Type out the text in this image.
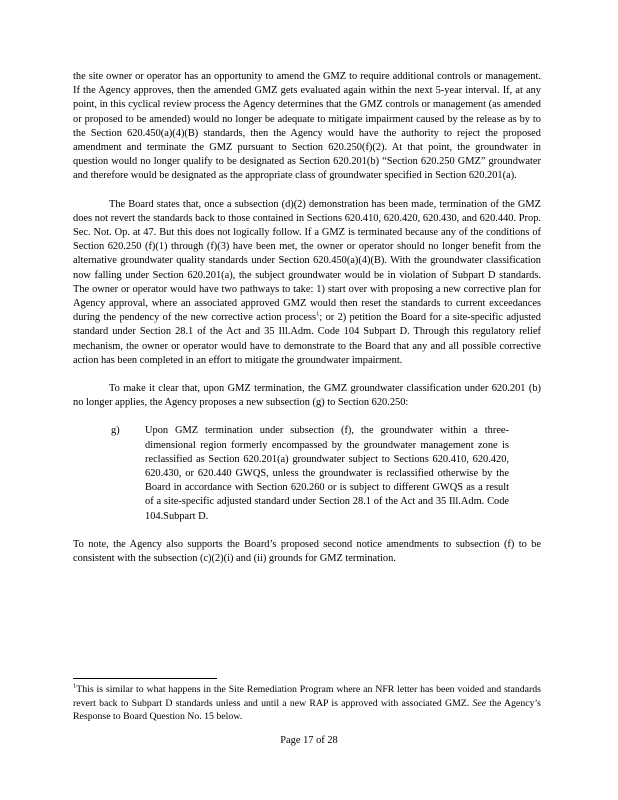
the site owner or operator has an opportunity to amend the GMZ to require additional controls or management. If the Agency approves, then the amended GMZ gets evaluated again within the next 5-year interval. If, at any point, in this cyclical review process the Agency determines that the GMZ controls or management (as amended or proposed to be amended) would no longer be adequate to mitigate impairment caused by the release as by to the Section 620.450(a)(4)(B) standards, then the Agency would have the authority to reject the proposed amendment and terminate the GMZ pursuant to Section 620.250(f)(2). At that point, the groundwater in question would no longer qualify to be designated as Section 620.201(b) “Section 620.250 GMZ” groundwater and therefore would be designated as the appropriate class of groundwater specified in Section 620.201(a).

The Board states that, once a subsection (d)(2) demonstration has been made, termination of the GMZ does not revert the standards back to those contained in Sections 620.410, 620.420, 620.430, and 620.440. Prop. Sec. Not. Op. at 47. But this does not logically follow. If a GMZ is terminated because any of the conditions of Section 620.250 (f)(1) through (f)(3) have been met, the owner or operator should no longer benefit from the alternative groundwater quality standards under Section 620.450(a)(4)(B). With the groundwater classification now falling under Section 620.201(a), the subject groundwater would be in violation of Subpart D standards. The owner or operator would have two pathways to take: 1) start over with proposing a new corrective plan for Agency approval, where an associated approved GMZ would then reset the standards to current exceedances during the pendency of the new corrective action process$^1$; or 2) petition the Board for a site-specific adjusted standard under Section 28.1 of the Act and 35 Ill.Adm. Code 104 Subpart D. Through this regulatory relief mechanism, the owner or operator would have to demonstrate to the Board that any and all possible corrective action has been completed in an effort to mitigate the groundwater impairment.

To make it clear that, upon GMZ termination, the GMZ groundwater classification under 620.201 (b) no longer applies, the Agency proposes a new subsection (g) to Section 620.250:

g)	Upon GMZ termination under subsection (f), the groundwater within a three-dimensional region formerly encompassed by the groundwater management zone is reclassified as Section 620.201(a) groundwater subject to Sections 620.410, 620.420, 620.430, or 620.440 GWQS, unless the groundwater is reclassified otherwise by the Board in accordance with Section 620.260 or is subject to different GWQS as a result of a site-specific adjusted standard under Section 28.1 of the Act and 35 Ill.Adm. Code 104.Subpart D.

To note, the Agency also supports the Board’s proposed second notice amendments to subsection (f) to be consistent with the subsection (c)(2)(i) and (ii) grounds for GMZ termination.

$^1$This is similar to what happens in the Site Remediation Program where an NFR letter has been voided and standards revert back to Subpart D standards unless and until a new RAP is approved with associated GMZ. See the Agency’s Response to Board Question No. 15 below.
Page 17 of 28
